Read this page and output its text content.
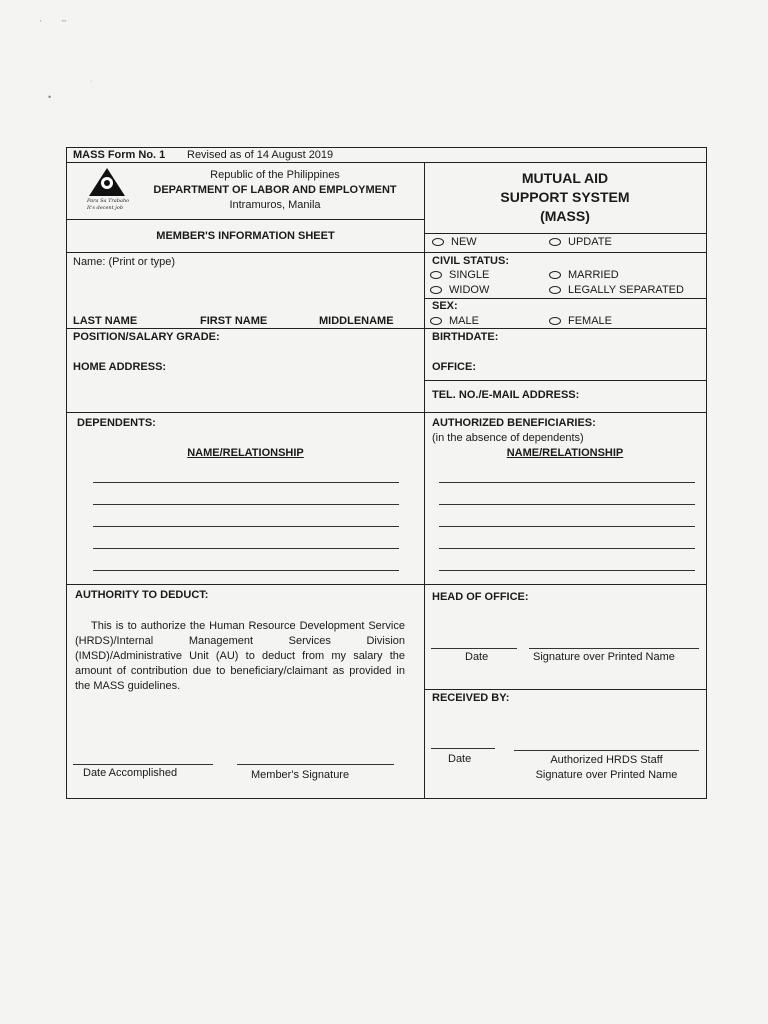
'	'"
•
·
MASS Form No. 1 Revised as of 14 August 2019
Para Sa Trabaho
It's decent job
Republic of the Philippines
DEPARTMENT OF LABOR AND EMPLOYMENT
Intramuros, Manila
MUTUAL AID
SUPPORT SYSTEM
(MASS)
MEMBER'S INFORMATION SHEET	NEW	UPDATE
Name: (Print or type)
LAST NAME	FIRST NAME	MIDDLENAME
CIVIL STATUS:
SINGLE	MARRIED
WIDOW	LEGALLY SEPARATED
SEX:
MALE	FEMALE
POSITION/SALARY GRADE:	BIRTHDATE:
HOME ADDRESS:	OFFICE:
TEL. NO./E-MAIL ADDRESS:
DEPENDENTS:
NAME/RELATIONSHIP
AUTHORIZED BENEFICIARIES:
(in the absence of dependents)
NAME/RELATIONSHIP
AUTHORITY TO DEDUCT:
This is to authorize the Human Resource Development Service (HRDS)/Internal Management Services Division (IMSD)/Administrative Unit (AU) to deduct from my salary the amount of contribution due to beneficiary/claimant as provided in the MASS guidelines.
Date Accomplished	Member's Signature
HEAD OF OFFICE:
Date	Signature over Printed Name
RECEIVED BY:
Date	Authorized HRDS Staff
Signature over Printed Name
